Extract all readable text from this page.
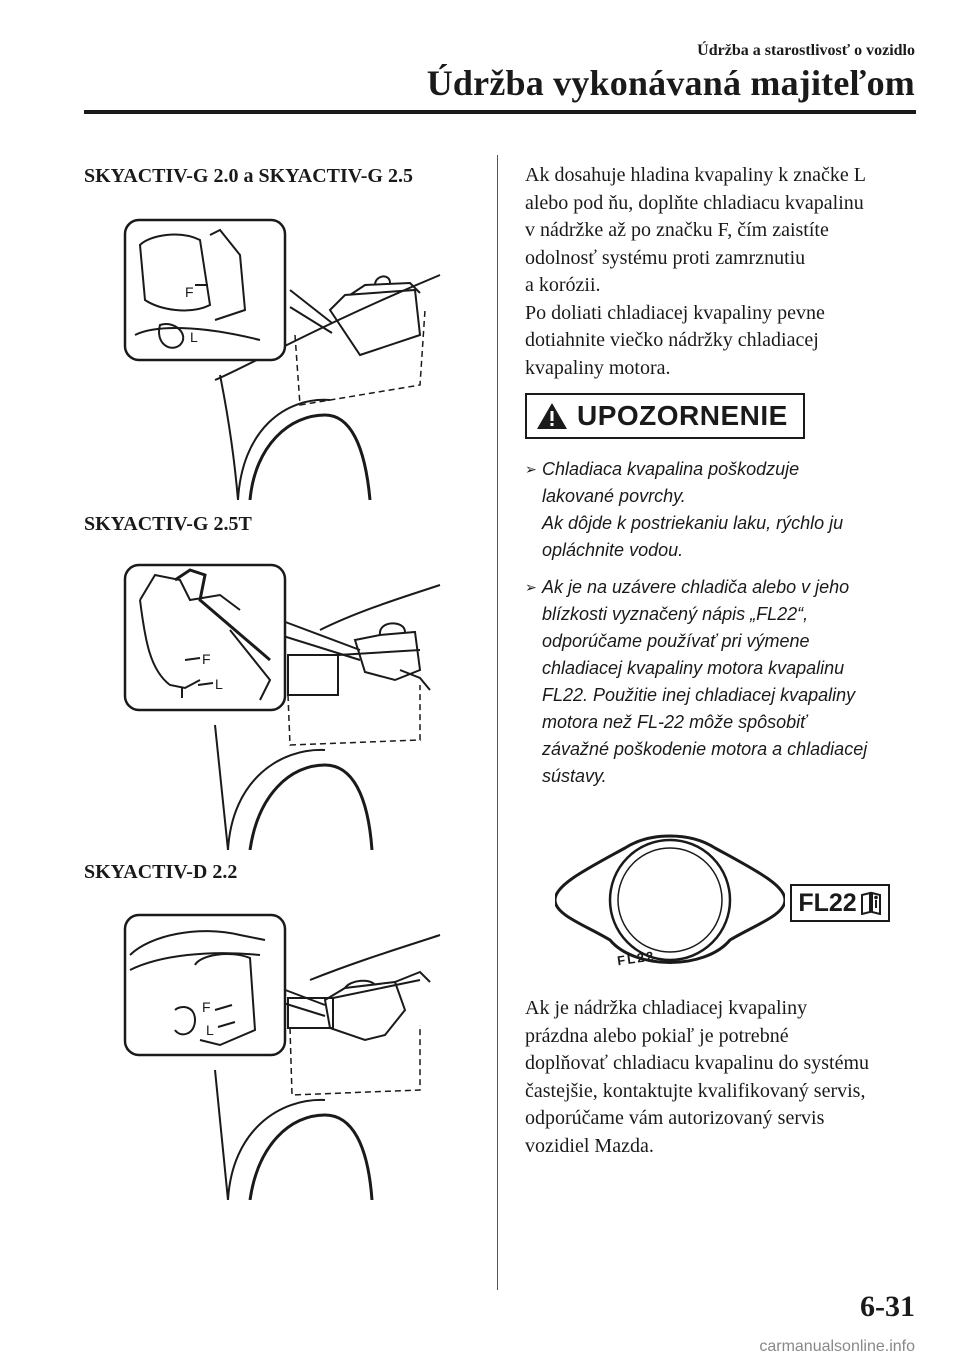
Údržba a starostlivosť o vozidlo
Údržba vykonávaná majiteľom
SKYACTIV-G 2.0 a SKYACTIV-G 2.5
F
L
SKYACTIV-G 2.5T
F
L
SKYACTIV-D 2.2
F
L
Ak dosahuje hladina kvapaliny k značke L
alebo pod ňu, doplňte chladiacu kvapalinu
v nádržke až po značku F, čím zaistíte
odolnosť systému proti zamrznutiu
a korózii.
Po doliati chladiacej kvapaliny pevne
dotiahnite viečko nádržky chladiacej
kvapaliny motora.
UPOZORNENIE
➢ Chladiaca kvapalina poškodzuje
lakované povrchy.
Ak dôjde k postriekaniu laku, rýchlo ju
opláchnite vodou.
➢ Ak je na uzávere chladiča alebo v jeho
blízkosti vyznačený nápis „FL22“,
odporúčame používať pri výmene
chladiacej kvapaliny motora kvapalinu
FL22. Použitie inej chladiacej kvapaliny
motora než FL-22 môže spôsobiť
závažné poškodenie motora a chladiacej
sústavy.
FL22
FL22
Ak je nádržka chladiacej kvapaliny
prázdna alebo pokiaľ je potrebné
doplňovať chladiacu kvapalinu do systému
častejšie, kontaktujte kvalifikovaný servis,
odporúčame vám autorizovaný servis
vozidiel Mazda.
6-31
carmanualsonline.info
